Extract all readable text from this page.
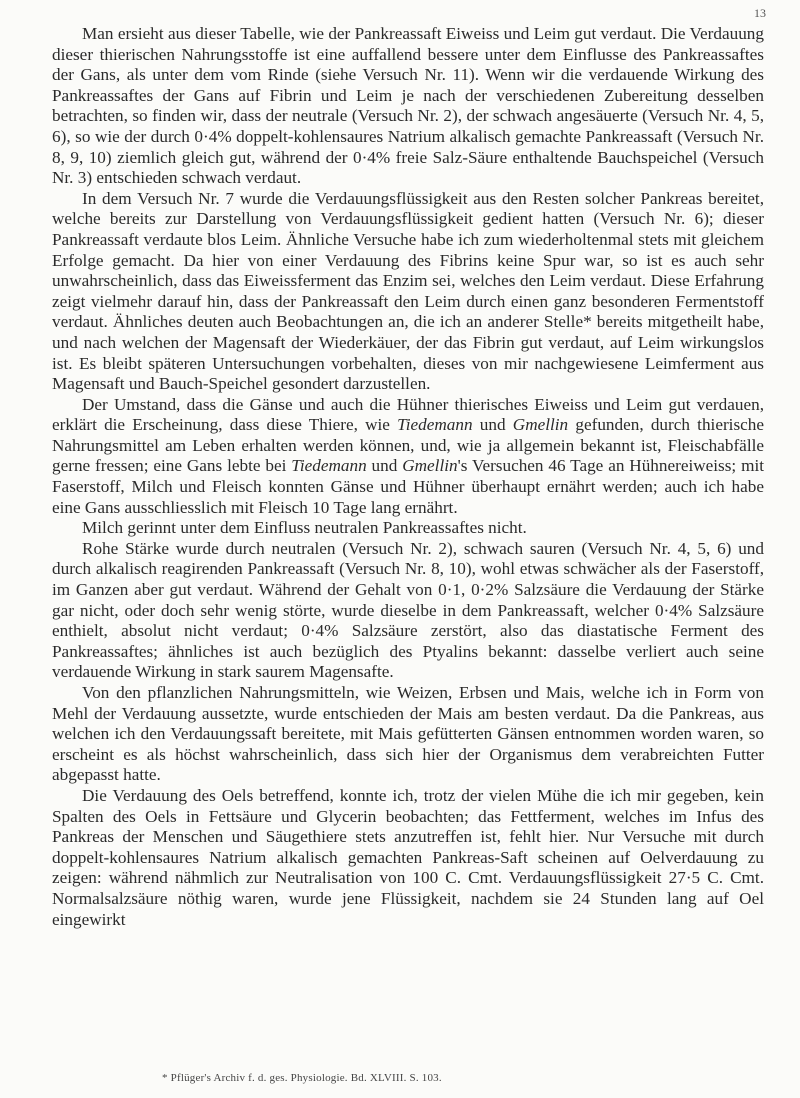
13

Man ersieht aus dieser Tabelle, wie der Pankreassaft Eiweiss und Leim gut verdaut. Die Verdauung dieser thierischen Nahrungsstoffe ist eine auffallend bessere unter dem Einflusse des Pankreassaftes der Gans, als unter dem vom Rinde (siehe Versuch Nr. 11). Wenn wir die verdauende Wirkung des Pankreassaftes der Gans auf Fibrin und Leim je nach der verschiedenen Zubereitung desselben betrachten, so finden wir, dass der neutrale (Versuch Nr. 2), der schwach angesäuerte (Versuch Nr. 4, 5, 6), so wie der durch 0·4% doppelt-kohlensaures Natrium alkalisch gemachte Pankreassaft (Versuch Nr. 8, 9, 10) ziemlich gleich gut, während der 0·4% freie Salz-Säure enthaltende Bauchspeichel (Versuch Nr. 3) entschieden schwach verdaut.

In dem Versuch Nr. 7 wurde die Verdauungsflüssigkeit aus den Resten solcher Pankreas bereitet, welche bereits zur Darstellung von Verdauungsflüssigkeit gedient hatten (Versuch Nr. 6); dieser Pankreassaft verdaute blos Leim. Ähnliche Versuche habe ich zum wiederholtenmal stets mit gleichem Erfolge gemacht. Da hier von einer Verdauung des Fibrins keine Spur war, so ist es auch sehr unwahrscheinlich, dass das Eiweissferment das Enzim sei, welches den Leim verdaut. Diese Erfahrung zeigt vielmehr darauf hin, dass der Pankreassaft den Leim durch einen ganz besonderen Fermentstoff verdaut. Ähnliches deuten auch Beobachtungen an, die ich an anderer Stelle* bereits mitgetheilt habe, und nach welchen der Magensaft der Wiederkäuer, der das Fibrin gut verdaut, auf Leim wirkungslos ist. Es bleibt späteren Untersuchungen vorbehalten, dieses von mir nachgewiesene Leimferment aus Magensaft und Bauch-Speichel gesondert darzustellen.

Der Umstand, dass die Gänse und auch die Hühner thierisches Eiweiss und Leim gut verdauen, erklärt die Erscheinung, dass diese Thiere, wie Tiedemann und Gmellin gefunden, durch thierische Nahrungsmittel am Leben erhalten werden können, und, wie ja allgemein bekannt ist, Fleischabfälle gerne fressen; eine Gans lebte bei Tiedemann und Gmellin's Versuchen 46 Tage an Hühnereiweiss; mit Faserstoff, Milch und Fleisch konnten Gänse und Hühner überhaupt ernährt werden; auch ich habe eine Gans ausschliesslich mit Fleisch 10 Tage lang ernährt.

Milch gerinnt unter dem Einfluss neutralen Pankreassaftes nicht.

Rohe Stärke wurde durch neutralen (Versuch Nr. 2), schwach sauren (Versuch Nr. 4, 5, 6) und durch alkalisch reagirenden Pankreassaft (Versuch Nr. 8, 10), wohl etwas schwächer als der Faserstoff, im Ganzen aber gut verdaut. Während der Gehalt von 0·1, 0·2% Salzsäure die Verdauung der Stärke gar nicht, oder doch sehr wenig störte, wurde dieselbe in dem Pankreassaft, welcher 0·4% Salzsäure enthielt, absolut nicht verdaut; 0·4% Salzsäure zerstört, also das diastatische Ferment des Pankreassaftes; ähnliches ist auch bezüglich des Ptyalins bekannt: dasselbe verliert auch seine verdauende Wirkung in stark saurem Magensafte.

Von den pflanzlichen Nahrungsmitteln, wie Weizen, Erbsen und Mais, welche ich in Form von Mehl der Verdauung aussetzte, wurde entschieden der Mais am besten verdaut. Da die Pankreas, aus welchen ich den Verdauungssaft bereitete, mit Mais gefütterten Gänsen entnommen worden waren, so erscheint es als höchst wahrscheinlich, dass sich hier der Organismus dem verabreichten Futter abgepasst hatte.

Die Verdauung des Oels betreffend, konnte ich, trotz der vielen Mühe die ich mir gegeben, kein Spalten des Oels in Fettsäure und Glycerin beobachten; das Fettferment, welches im Infus des Pankreas der Menschen und Säugethiere stets anzutreffen ist, fehlt hier. Nur Versuche mit durch doppelt-kohlensaures Natrium alkalisch gemachten Pankreas-Saft scheinen auf Oelverdauung zu zeigen: während nähmlich zur Neutralisation von 100 C. Cmt. Verdauungsflüssigkeit 27·5 C. Cmt. Normalsalzsäure nöthig waren, wurde jene Flüssigkeit, nachdem sie 24 Stunden lang auf Oel eingewirkt

* Pflüger's Archiv f. d. ges. Physiologie. Bd. XLVIII. S. 103.
